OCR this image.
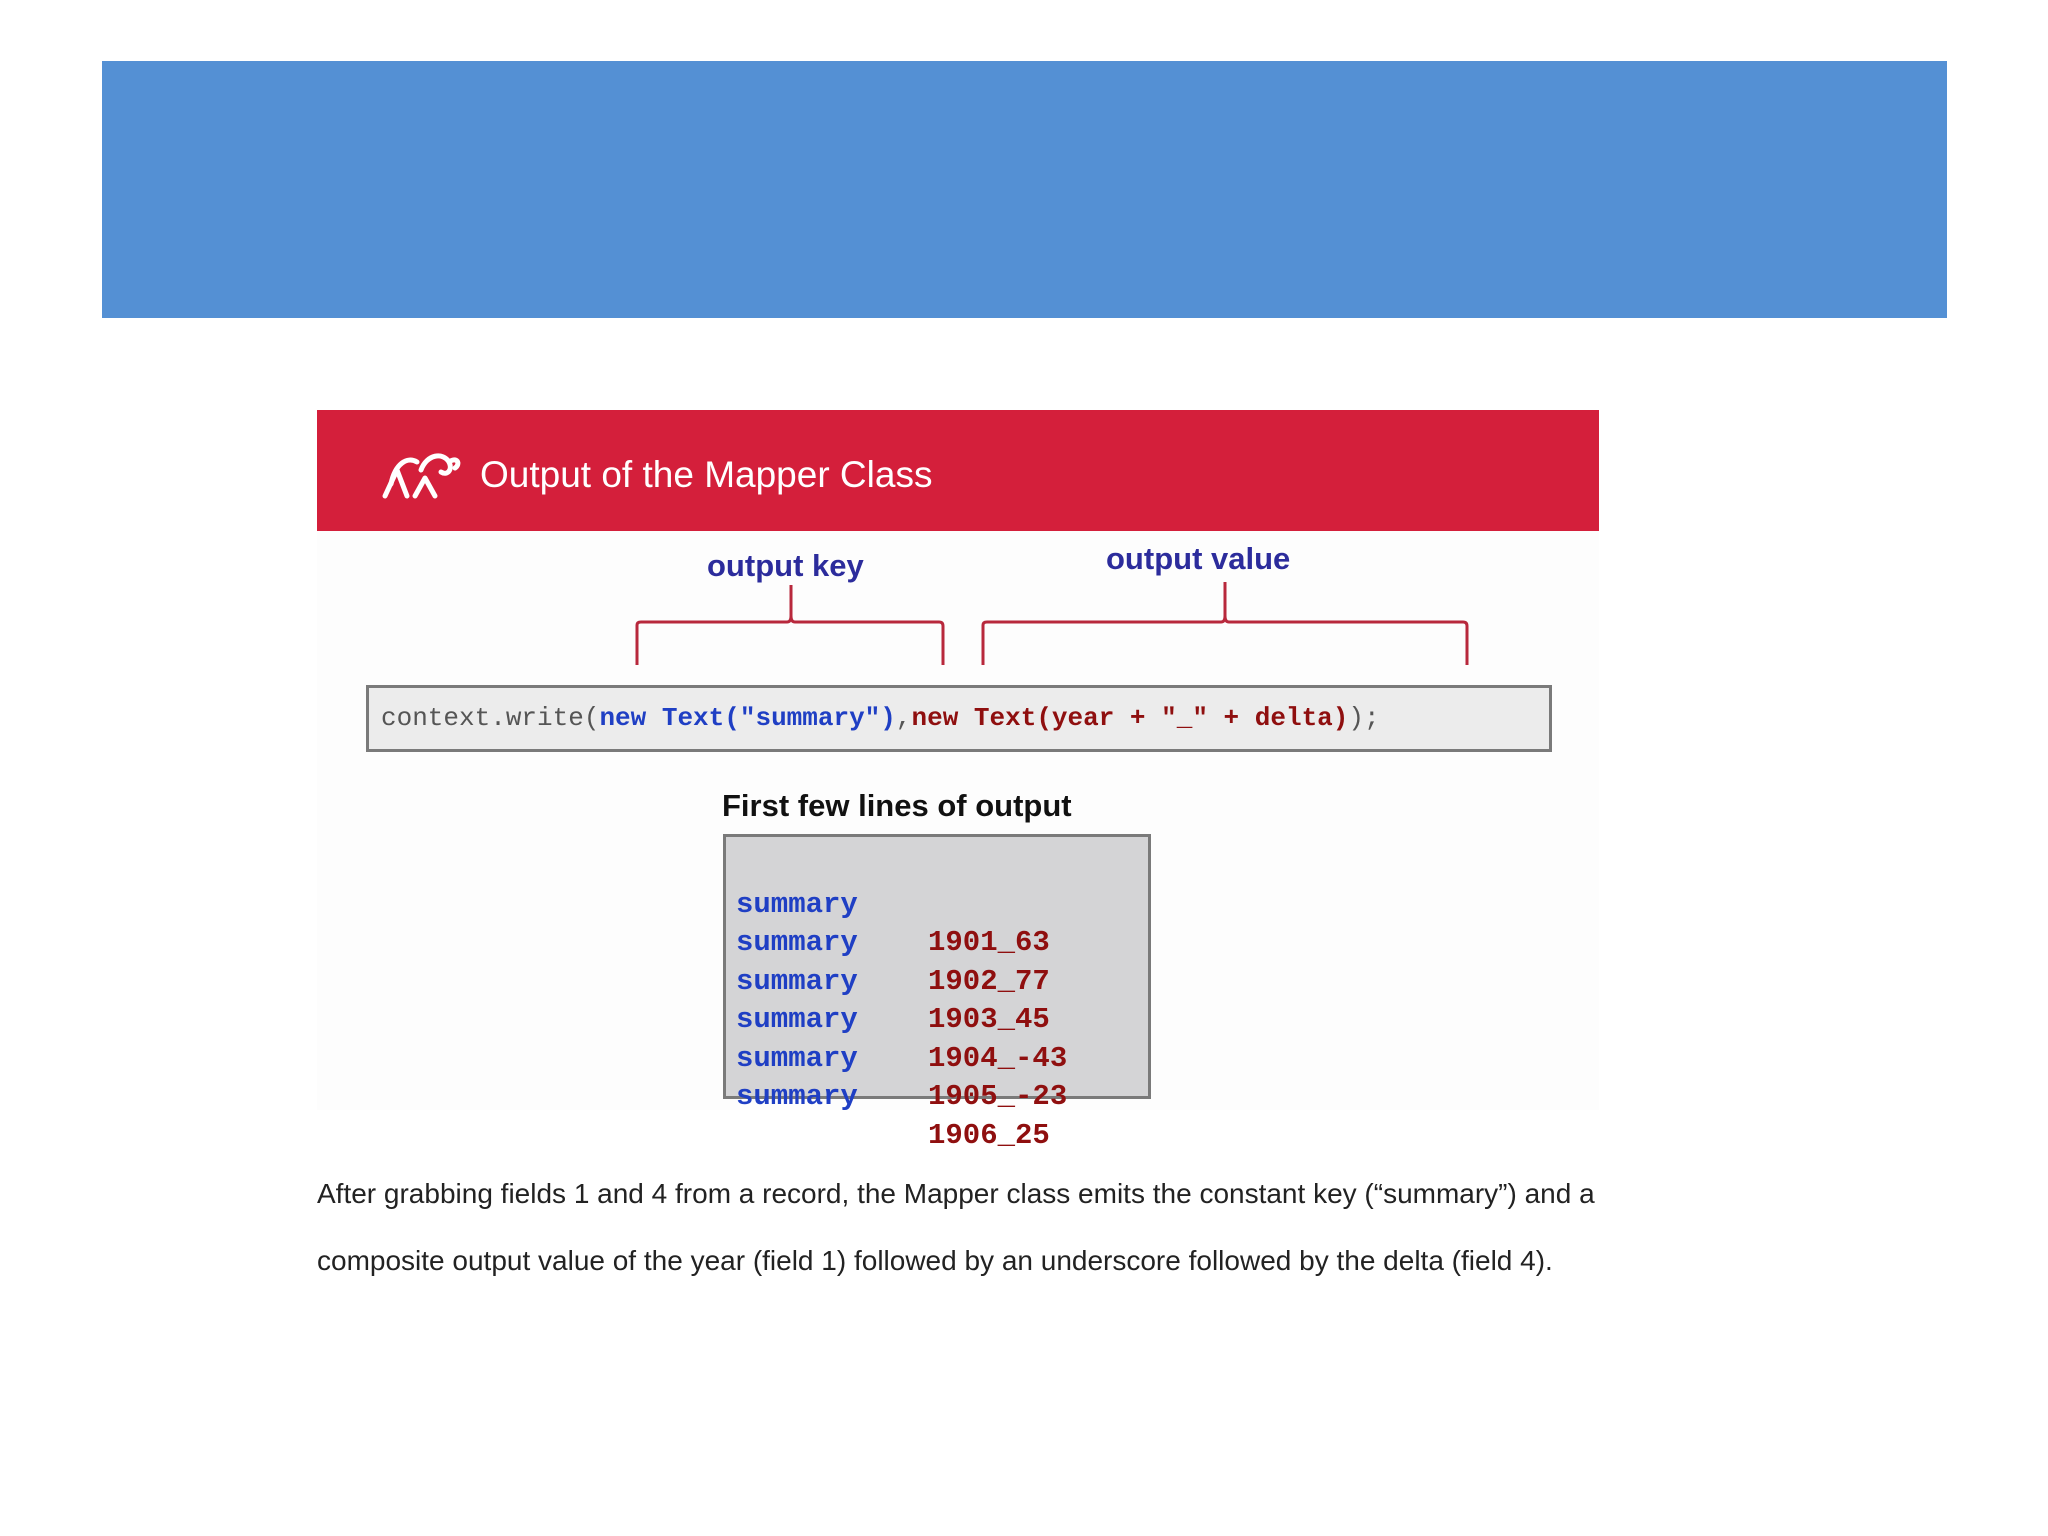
Output of the Mapper Class
output key	output value
context.write(new Text("summary"),new Text(year + "_" + delta));
First few lines of output

summary

1901_63

summary

1902_77

summary

1903_45

summary

1904_-43

summary

1905_-23

summary

1906_25

After grabbing fields 1 and 4 from a record, the Mapper class emits the constant key (“summary”) and a

composite output value of the year (field 1) followed by an underscore followed by the delta (field 4).
